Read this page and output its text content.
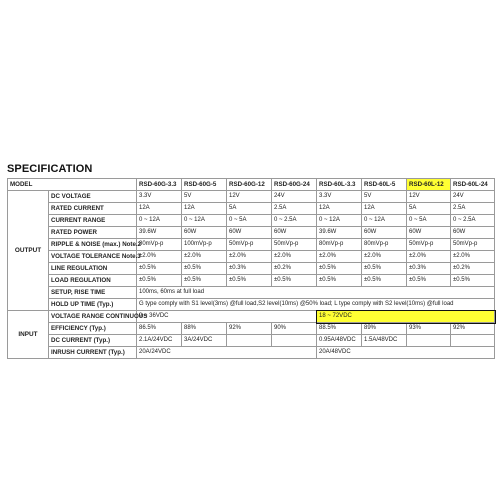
SPECIFICATION
MODEL		RSD-60G-3.3	RSD-60G-5	RSD-60G-12	RSD-60G-24	RSD-60L-3.3	RSD-60L-5	RSD-60L-12	RSD-60L-24
OUTPUT	DC VOLTAGE	3.3V	5V	12V	24V	3.3V	5V	12V	24V
	RATED CURRENT	12A	12A	5A	2.5A	12A	12A	5A	2.5A
	CURRENT RANGE	0 ~ 12A	0 ~ 12A	0 ~ 5A	0 ~ 2.5A	0 ~ 12A	0 ~ 12A	0 ~ 5A	0 ~ 2.5A
	RATED POWER	39.6W	60W	60W	60W	39.6W	60W	60W	60W
	RIPPLE & NOISE (max.) Note.2	80mVp-p	100mVp-p	50mVp-p	50mVp-p	80mVp-p	80mVp-p	50mVp-p	50mVp-p
	VOLTAGE TOLERANCE Note.3	±2.0%	±2.0%	±2.0%	±2.0%	±2.0%	±2.0%	±2.0%	±2.0%
	LINE REGULATION	±0.5%	±0.5%	±0.3%	±0.2%	±0.5%	±0.5%	±0.3%	±0.2%
	LOAD REGULATION	±0.5%	±0.5%	±0.5%	±0.5%	±0.5%	±0.5%	±0.5%	±0.5%
	SETUP, RISE TIME	100ms, 60ms at full load							
	HOLD UP TIME (Typ.)	G type comply with S1 level(3ms) @full load,S2 level(10ms) @50% load; L type comply with S2 level(10ms) @full load							
INPUT	VOLTAGE RANGE CONTINUOUS	9 ~ 36VDC				18 ~ 72VDC			
	EFFICIENCY (Typ.)	86.5%	88%	92%	90%	88.5%	89%	93%	92%
	DC CURRENT (Typ.)	2.1A/24VDC	3A/24VDC			0.95A/48VDC	1.5A/48VDC		
	INRUSH CURRENT (Typ.)	20A/24VDC				20A/48VDC			
